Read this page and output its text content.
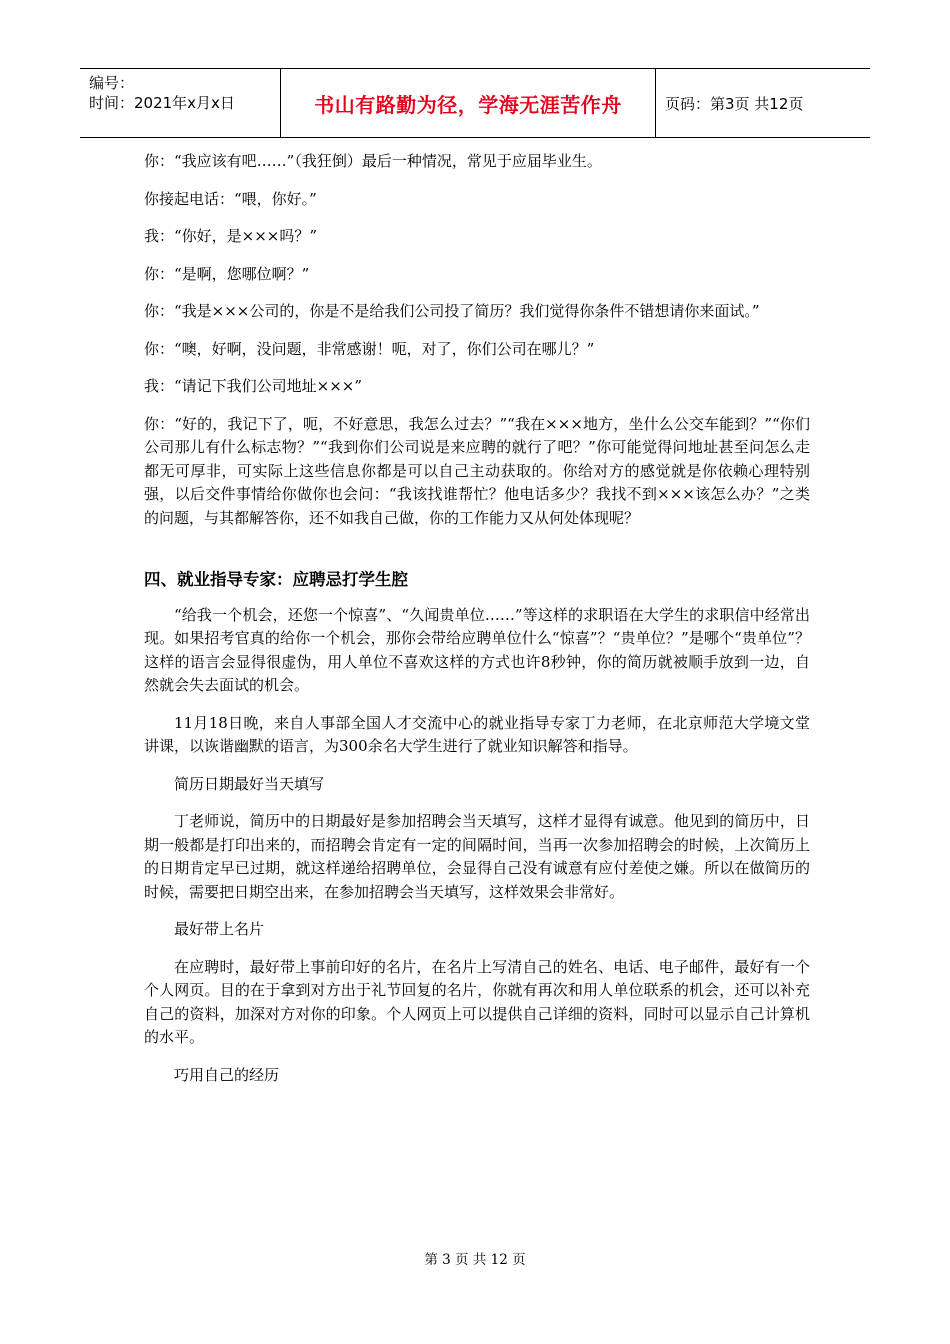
编号：
时间：2021年x月x日	书山有路勤为径，学海无涯苦作舟	页码：第3页 共12页

你：“我应该有吧……”（我狂倒）最后一种情况，常见于应届毕业生。

你接起电话：“喂，你好。”

我：“你好，是×××吗？”

你：“是啊，您哪位啊？”

你：“我是×××公司的，你是不是给我们公司投了简历？我们觉得你条件不错想请你来面试。”

你：“噢，好啊，没问题，非常感谢！呃，对了，你们公司在哪儿？”

我：“请记下我们公司地址×××”

你：“好的，我记下了，呃，不好意思，我怎么过去？”“我在×××地方，坐什么公交车能到？”“你们公司那儿有什么标志物？”“我到你们公司说是来应聘的就行了吧？”你可能觉得问地址甚至问怎么走都无可厚非，可实际上这些信息你都是可以自己主动获取的。你给对方的感觉就是你依赖心理特别强，以后交件事情给你做你也会问：“我该找谁帮忙？他电话多少？我找不到×××该怎么办？”之类的问题，与其都解答你，还不如我自己做，你的工作能力又从何处体现呢？

四、就业指导专家：应聘忌打学生腔

“给我一个机会，还您一个惊喜”、“久闻贵单位……”等这样的求职语在大学生的求职信中经常出现。如果招考官真的给你一个机会，那你会带给应聘单位什么“惊喜”？“贵单位？”是哪个“贵单位”？这样的语言会显得很虚伪，用人单位不喜欢这样的方式也许8秒钟，你的简历就被顺手放到一边，自然就会失去面试的机会。

11月18日晚，来自人事部全国人才交流中心的就业指导专家丁力老师，在北京师范大学境文堂讲课，以诙谐幽默的语言，为300余名大学生进行了就业知识解答和指导。

简历日期最好当天填写

丁老师说，简历中的日期最好是参加招聘会当天填写，这样才显得有诚意。他见到的简历中，日期一般都是打印出来的，而招聘会肯定有一定的间隔时间，当再一次参加招聘会的时候，上次简历上的日期肯定早已过期，就这样递给招聘单位，会显得自己没有诚意有应付差使之嫌。所以在做简历的时候，需要把日期空出来，在参加招聘会当天填写，这样效果会非常好。

最好带上名片

在应聘时，最好带上事前印好的名片，在名片上写清自己的姓名、电话、电子邮件，最好有一个个人网页。目的在于拿到对方出于礼节回复的名片，你就有再次和用人单位联系的机会，还可以补充自己的资料，加深对方对你的印象。个人网页上可以提供自己详细的资料，同时可以显示自己计算机的水平。

巧用自己的经历

第 3 页 共 12 页
